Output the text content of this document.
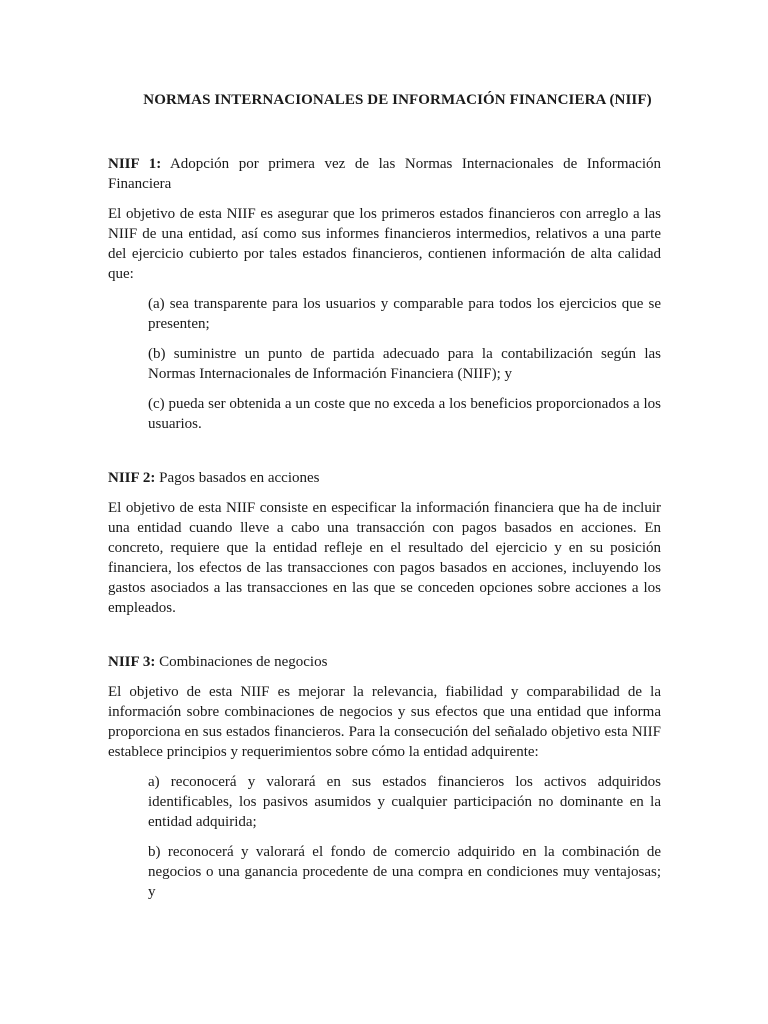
NORMAS INTERNACIONALES DE INFORMACIÓN FINANCIERA (NIIF)

NIIF 1: Adopción por primera vez de las Normas Internacionales de Información Financiera

El objetivo de esta NIIF es asegurar que los primeros estados financieros con arreglo a las NIIF de una entidad, así como sus informes financieros intermedios, relativos a una parte del ejercicio cubierto por tales estados financieros, contienen información de alta calidad que:

(a) sea transparente para los usuarios y comparable para todos los ejercicios que se presenten;

(b) suministre un punto de partida adecuado para la contabilización según las Normas Internacionales de Información Financiera (NIIF); y

(c) pueda ser obtenida a un coste que no exceda a los beneficios proporcionados a los usuarios.

NIIF 2: Pagos basados en acciones

El objetivo de esta NIIF consiste en especificar la información financiera que ha de incluir una entidad cuando lleve a cabo una transacción con pagos basados en acciones. En concreto, requiere que la entidad refleje en el resultado del ejercicio y en su posición financiera, los efectos de las transacciones con pagos basados en acciones, incluyendo los gastos asociados a las transacciones en las que se conceden opciones sobre acciones a los empleados.

NIIF 3: Combinaciones de negocios

El objetivo de esta NIIF es mejorar la relevancia, fiabilidad y comparabilidad de la información sobre combinaciones de negocios y sus efectos que una entidad que informa proporciona en sus estados financieros. Para la consecución del señalado objetivo esta NIIF establece principios y requerimientos sobre cómo la entidad adquirente:

a) reconocerá y valorará en sus estados financieros los activos adquiridos identificables, los pasivos asumidos y cualquier participación no dominante en la entidad adquirida;

b) reconocerá y valorará el fondo de comercio adquirido en la combinación de negocios o una ganancia procedente de una compra en condiciones muy ventajosas; y
